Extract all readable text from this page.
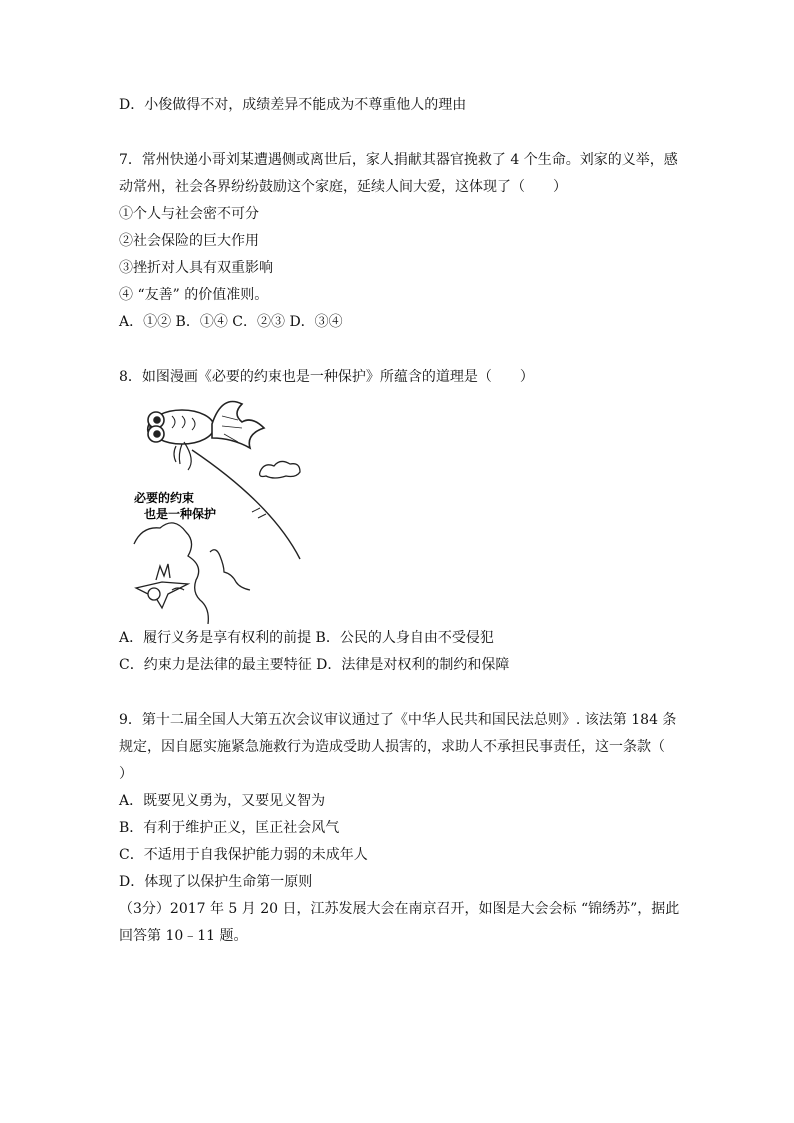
D．小俊做得不对，成绩差异不能成为不尊重他人的理由
7．常州快递小哥刘某遭遇侧或离世后，家人捐献其器官挽救了 4 个生命。刘家的义举，感
动常州，社会各界纷纷鼓励这个家庭，延续人间大爱，这体现了（　　）
①个人与社会密不可分
②社会保险的巨大作用
③挫折对人具有双重影响
④ “友善” 的价值准则。
A．①② B．①④ C．②③ D．③④
8．如图漫画《必要的约束也是一种保护》所蕴含的道理是（　　）
必要的约束
也是一种保护
A．履行义务是享有权利的前提 B．公民的人身自由不受侵犯
C．约束力是法律的最主要特征 D．法律是对权利的制约和保障
9．第十二届全国人大第五次会议审议通过了《中华人民共和国民法总则》. 该法第 184 条
规定，因自愿实施紧急施救行为造成受助人损害的，求助人不承担民事责任，这一条款（
）
A．既要见义勇为，又要见义智为
B．有利于维护正义，匡正社会风气
C．不适用于自我保护能力弱的未成年人
D．体现了以保护生命第一原则
（3分）2017 年 5 月 20 日，江苏发展大会在南京召开，如图是大会会标 “锦绣苏”，据此
回答第 10﹣11 题。
